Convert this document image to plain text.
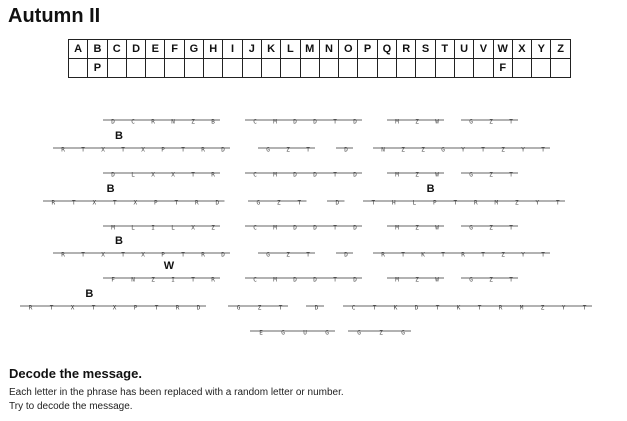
Autumn II
A	B	C	D	E	F	G	H	I	J	K	L	M	N	O	P	Q	R	S	T	U	V	W	X	Y	Z
	P																					F			
D	C	R	N	Z	B	C	M	D	D	T	D	M	Z	W	G	Z	T
R	T	X	T	X	P	T	R	D
B
G	Z	T	D	N	Z	Z	G	Y	T	Z	Y	T
D	L	X	X	T	R	C	M	D	D	T	D	M	Z	W	G	Z	T
R	T	X	T	X	P	T	R	D
B
G	Z	T	D	T	H	L	P	T	R	M	Z	Y	T
B
M	L	I	L	X	Z	C	M	D	D	T	D	M	Z	W	G	Z	T
R	T	X	T	X	P	T	R	D
B
G	Z	T	D	R	T	K	T	R	T	Z	Y	T
F	N	Z	I	T	R
W
C	M	D	D	T	D	M	Z	W	G	Z	T
R	T	X	T	X	P	T	R	D
B
G	Z	T	D	C	T	K	D	T	K	T	R	M	Z	Y	T
E	G	U	G	G	Z	G
Decode the message.
Each letter in the phrase has been replaced with a random letter or number.
Try to decode the message.
